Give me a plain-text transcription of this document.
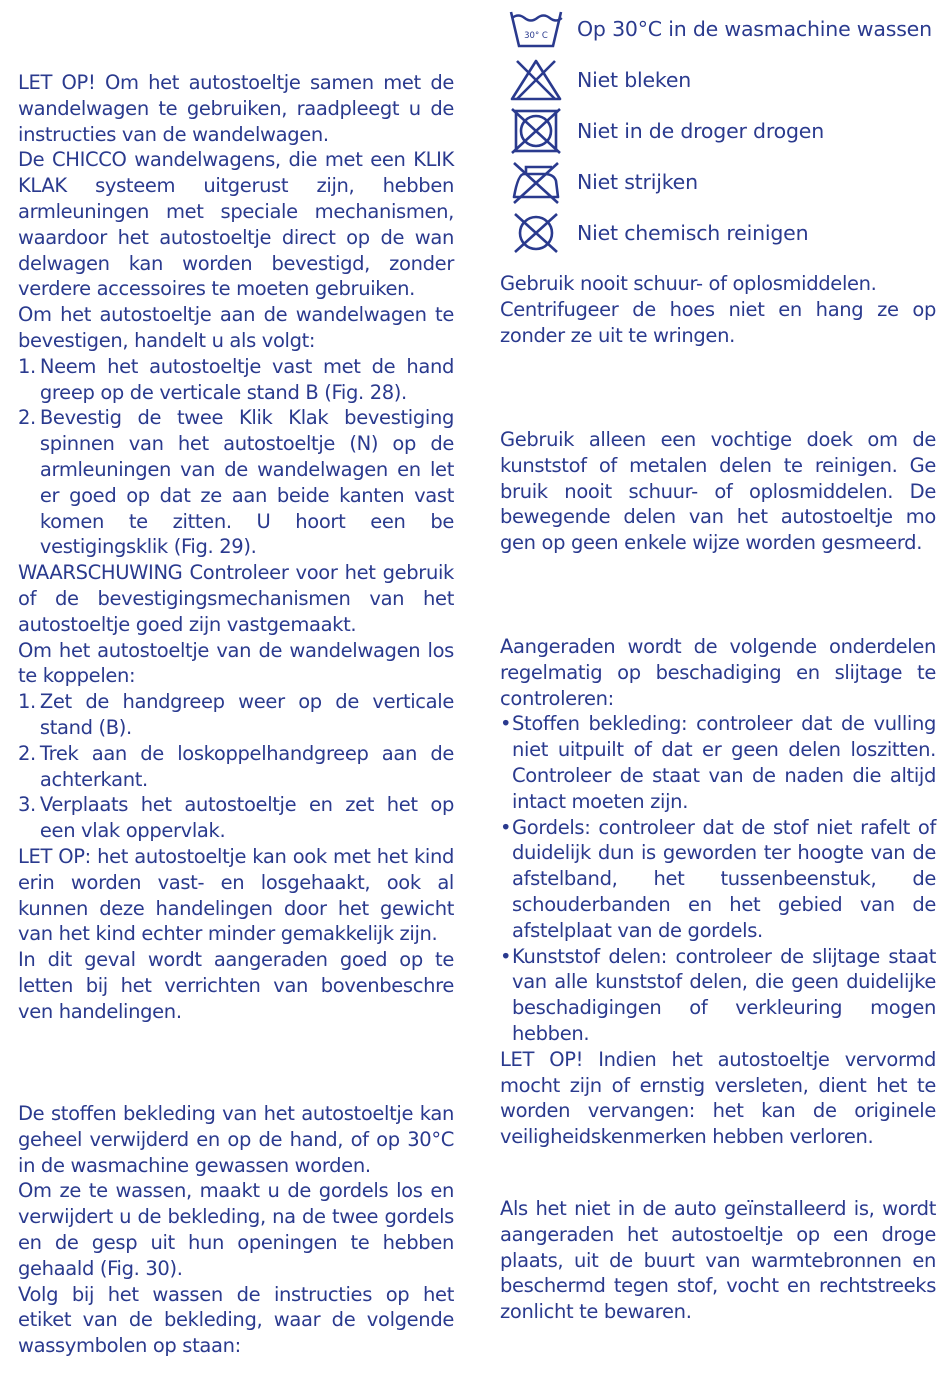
LET OP! Om het autostoeltje samen met de wandelwagen te gebruiken, raadpleegt u de instructies van de wandelwagen.

De CHICCO wandelwagens, die met een KLIK KLAK systeem uitgerust zijn, hebben armleuningen met speciale mechanismen, waardoor het autostoeltje direct op de wan delwagen kan worden bevestigd, zonder verdere accessoires te moeten gebruiken.

Om het autostoeltje aan de wandelwagen te bevestigen, handelt u als volgt:

1. Neem het autostoeltje vast met de hand greep op de verticale stand B (Fig. 28).

2. Bevestig de twee Klik Klak bevestiging spinnen van het autostoeltje (N) op de armleuningen van de wandelwagen en let er goed op dat ze aan beide kanten vast komen te zitten. U hoort een be vestigingsklik (Fig. 29).

WAARSCHUWING Controleer voor het gebruik of de bevestigingsmechanismen van het autostoeltje goed zijn vastgemaakt.

Om het autostoeltje van de wandelwagen los te koppelen:

1. Zet de handgreep weer op de verticale stand (B).

2. Trek aan de loskoppelhandgreep aan de achterkant.

3. Verplaats het autostoeltje en zet het op een vlak oppervlak.

LET OP: het autostoeltje kan ook met het kind erin worden vast- en losgehaakt, ook al kunnen deze handelingen door het gewicht van het kind echter minder gemakkelijk zijn.

In dit geval wordt aangeraden goed op te letten bij het verrichten van bovenbeschre ven handelingen.

De stoffen bekleding van het autostoeltje kan geheel verwijderd en op de hand, of op 30°C in de wasmachine gewassen worden.

Om ze te wassen, maakt u de gordels los en verwijdert u de bekleding, na de twee gordels en de gesp uit hun openingen te hebben gehaald (Fig. 30).

Volg bij het wassen de instructies op het etiket van de bekleding, waar de volgende wassymbolen op staan:

30° C Op 30°C in de wasmachine wassen
Niet bleken
Niet in de droger drogen
Niet strijken
Niet chemisch reinigen

Gebruik nooit schuur- of oplosmiddelen.

Centrifugeer de hoes niet en hang ze op zonder ze uit te wringen.

Gebruik alleen een vochtige doek om de kunststof of metalen delen te reinigen. Ge bruik nooit schuur- of oplosmiddelen. De bewegende delen van het autostoeltje mo gen op geen enkele wijze worden gesmeerd.

Aangeraden wordt de volgende onderdelen regelmatig op beschadiging en slijtage te controleren:

• Stoffen bekleding: controleer dat de vulling niet uitpuilt of dat er geen delen loszitten. Controleer de staat van de naden die altijd intact moeten zijn.

• Gordels: controleer dat de stof niet rafelt of duidelijk dun is geworden ter hoogte van de afstelband, het tussenbeenstuk, de schouderbanden en het gebied van de afstelplaat van de gordels.

• Kunststof delen: controleer de slijtage staat van alle kunststof delen, die geen duidelijke beschadigingen of verkleuring mogen hebben.

LET OP! Indien het autostoeltje vervormd mocht zijn of ernstig versleten, dient het te worden vervangen: het kan de originele veiligheidskenmerken hebben verloren.

Als het niet in de auto geïnstalleerd is, wordt aangeraden het autostoeltje op een droge plaats, uit de buurt van warmtebronnen en beschermd tegen stof, vocht en rechtstreeks zonlicht te bewaren.
